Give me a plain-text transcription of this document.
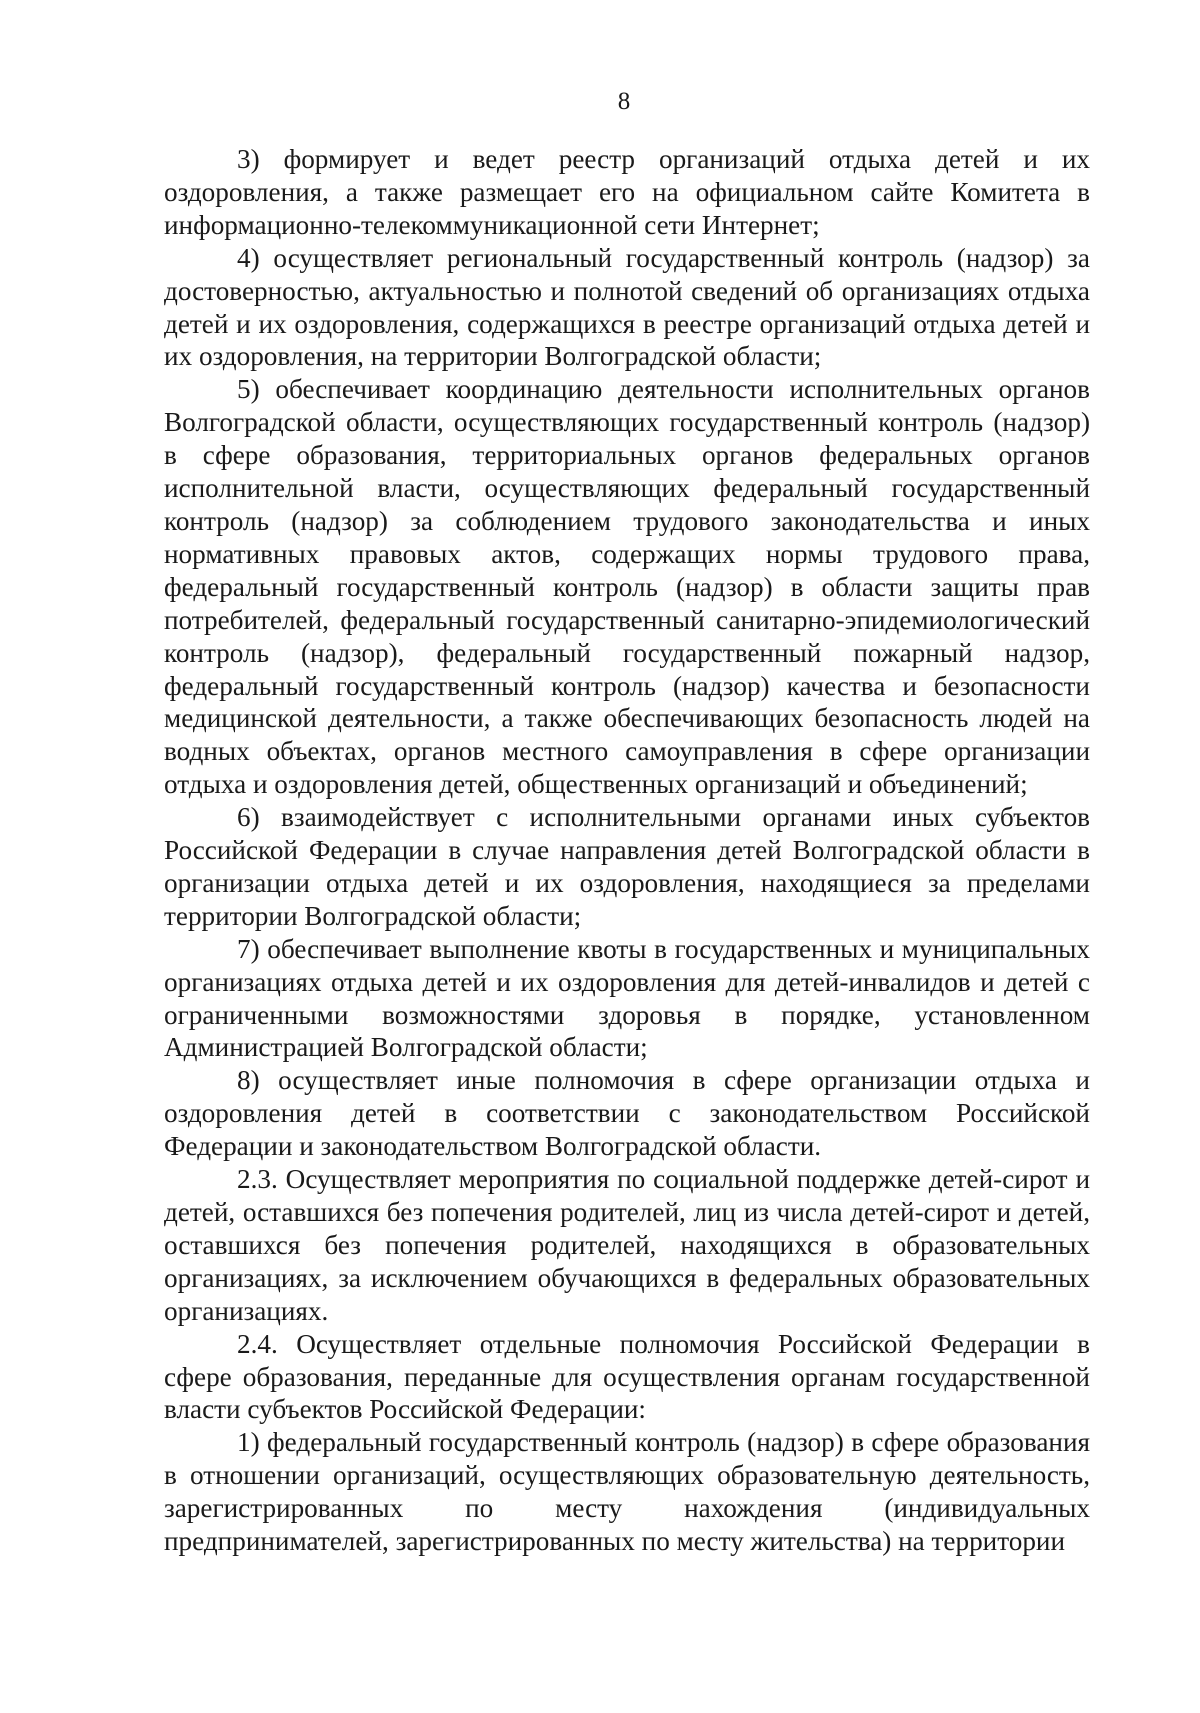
8

3) формирует и ведет реестр организаций отдыха детей и их оздоровления, а также размещает его на официальном сайте Комитета в информационно-телекоммуникационной сети Интернет;

4) осуществляет региональный государственный контроль (надзор) за достоверностью, актуальностью и полнотой сведений об организациях отдыха детей и их оздоровления, содержащихся в реестре организаций отдыха детей и их оздоровления, на территории Волгоградской области;

5) обеспечивает координацию деятельности исполнительных органов Волгоградской области, осуществляющих государственный контроль (надзор) в сфере образования, территориальных органов федеральных органов исполнительной власти, осуществляющих федеральный государственный контроль (надзор) за соблюдением трудового законодательства и иных нормативных правовых актов, содержащих нормы трудового права, федеральный государственный контроль (надзор) в области защиты прав потребителей, федеральный государственный санитарно-эпидемиологический контроль (надзор), федеральный государственный пожарный надзор, федеральный государственный контроль (надзор) качества и безопасности медицинской деятельности, а также обеспечивающих безопасность людей на водных объектах, органов местного самоуправления в сфере организации отдыха и оздоровления детей, общественных организаций и объединений;

6) взаимодействует с исполнительными органами иных субъектов Российской Федерации в случае направления детей Волгоградской области в организации отдыха детей и их оздоровления, находящиеся за пределами территории Волгоградской области;

7) обеспечивает выполнение квоты в государственных и муниципальных организациях отдыха детей и их оздоровления для детей-инвалидов и детей с ограниченными возможностями здоровья в порядке, установленном Администрацией Волгоградской области;

8) осуществляет иные полномочия в сфере организации отдыха и оздоровления детей в соответствии с законодательством Российской Федерации и законодательством Волгоградской области.

2.3. Осуществляет мероприятия по социальной поддержке детей-сирот и детей, оставшихся без попечения родителей, лиц из числа детей-сирот и детей, оставшихся без попечения родителей, находящихся в образовательных организациях, за исключением обучающихся в федеральных образовательных организациях.

2.4. Осуществляет отдельные полномочия Российской Федерации в сфере образования, переданные для осуществления органам государственной власти субъектов Российской Федерации:

1) федеральный государственный контроль (надзор) в сфере образования в отношении организаций, осуществляющих образовательную деятельность, зарегистрированных по месту нахождения (индивидуальных предпринимателей, зарегистрированных по месту жительства) на территории
